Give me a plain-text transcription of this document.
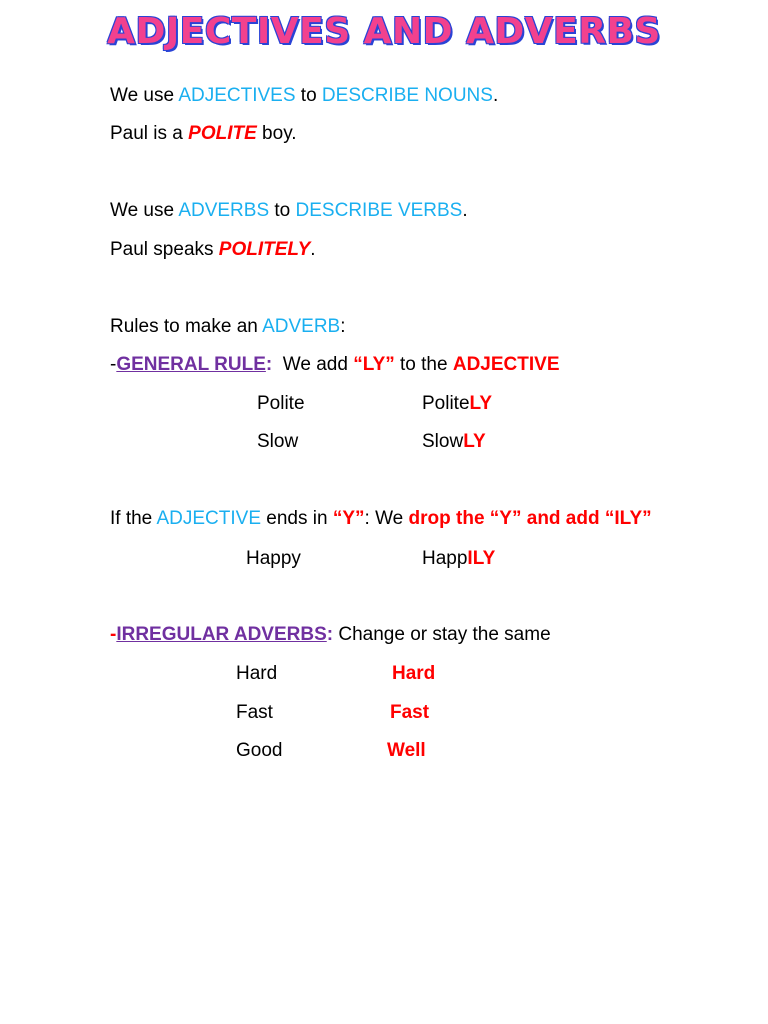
ADJECTIVES AND ADVERBS
We use ADJECTIVES to DESCRIBE NOUNS.
Paul is a POLITE boy.
We use ADVERBS to DESCRIBE VERBS.
Paul speaks POLITELY.
Rules to make an ADVERB:
-GENERAL RULE:  We add “LY” to the ADJECTIVE
Polite	PoliteLY
Slow	SlowLY
If the ADJECTIVE ends in “Y”: We drop the “Y” and add “ILY”
Happy	HappILY
-IRREGULAR ADVERBS: Change or stay the same
Hard	Hard
Fast	Fast
Good	Well
